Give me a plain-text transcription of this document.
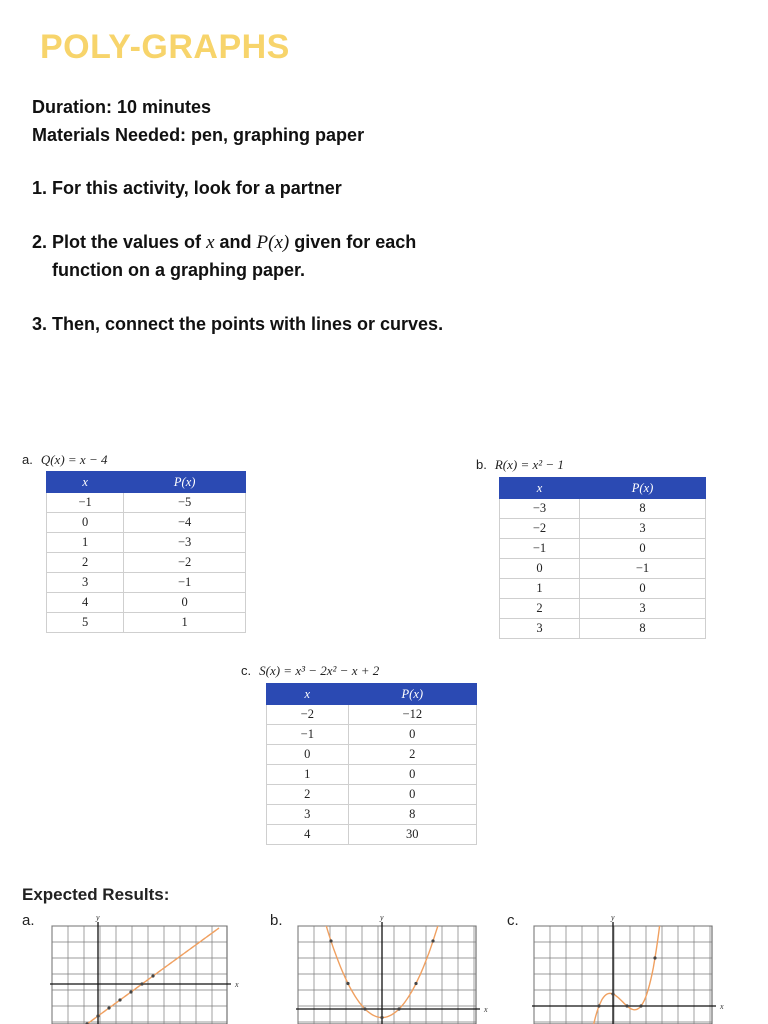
POLY-GRAPHS
Duration: 10 minutes
Materials Needed: pen, graphing paper
1. For this activity, look for a partner
2. Plot the values of x and P(x) given for each
function on a graphing paper.
3. Then, connect the points with lines or curves.
a. Q(x) = x − 4
x	P(x)
−1	−5
0	−4
1	−3
2	−2
3	−1
4	0
5	1
b. R(x) = x² − 1
x	P(x)
−3	8
−2	3
−1	0
0	−1
1	0
2	3
3	8
c. S(x) = x³ − 2x² − x + 2
x	P(x)
−2	−12
−1	0
0	2
1	0
2	0
3	8
4	30
Expected Results:
a.	b.	c.
x
y
x
y
x
y
